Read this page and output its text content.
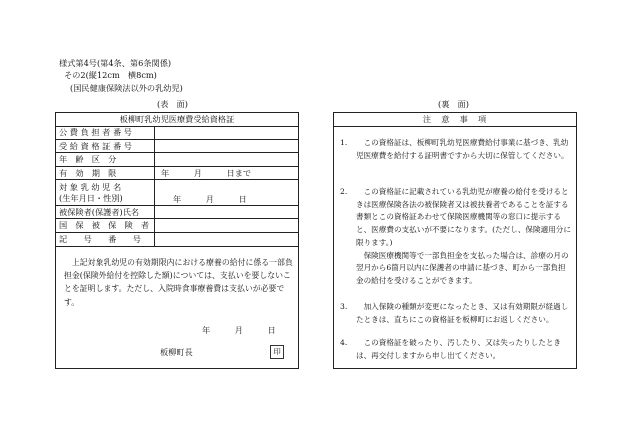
様式第4号(第4条、第6条関係)
その2(縦12cm　横8cm)
(国民健康保険法以外の乳幼児)
(表　面)	(裏　面)
板柳町乳幼児医療費受給資格証
公 費 負 担 者 番 号	
受 給 資 格 証 番 号	
年　齢　区　分	
有　効　期　限	年　　　月　　　日まで
対 象 乳 幼 児 名
(生年月日・性別)	年　　　月　　　日
被保険者(保護者)氏名	
国　保　被　保　険　者	
記　　号　　番　　号	

上記対象乳幼児の有効期限内における療養の給付に係る一部負担金(保険外給付を控除した額)については、支払いを要しないことを証明します。ただし、入院時食事療養費は支払いが必要です。

年　　　月　　　日
板柳町長	印
注　意　事　項
1.	この資格証は、板柳町乳幼児医療費給付事業に基づき、乳幼児医療費を給付する証明書ですから大切に保管してください。

2.	この資格証に記載されている乳幼児が療養の給付を受けるときは医療保険各法の被保険者又は被扶養者であることを証する書類とこの資格証あわせて保険医療機関等の窓口に提示すると、医療費の支払いが不要になります。(ただし、保険適用分に限ります。)

保険医療機関等で一部負担金を支払った場合は、診療の月の翌月から6箇月以内に保護者の申請に基づき、町から一部負担金の給付を受けることができます。

3.	加入保険の種類が変更になったとき、又は有効期限が経過したときは、直ちにこの資格証を板柳町にお返しください。

4.	この資格証を破ったり、汚したり、又は失ったりしたときは、再交付しますから申し出てください。
